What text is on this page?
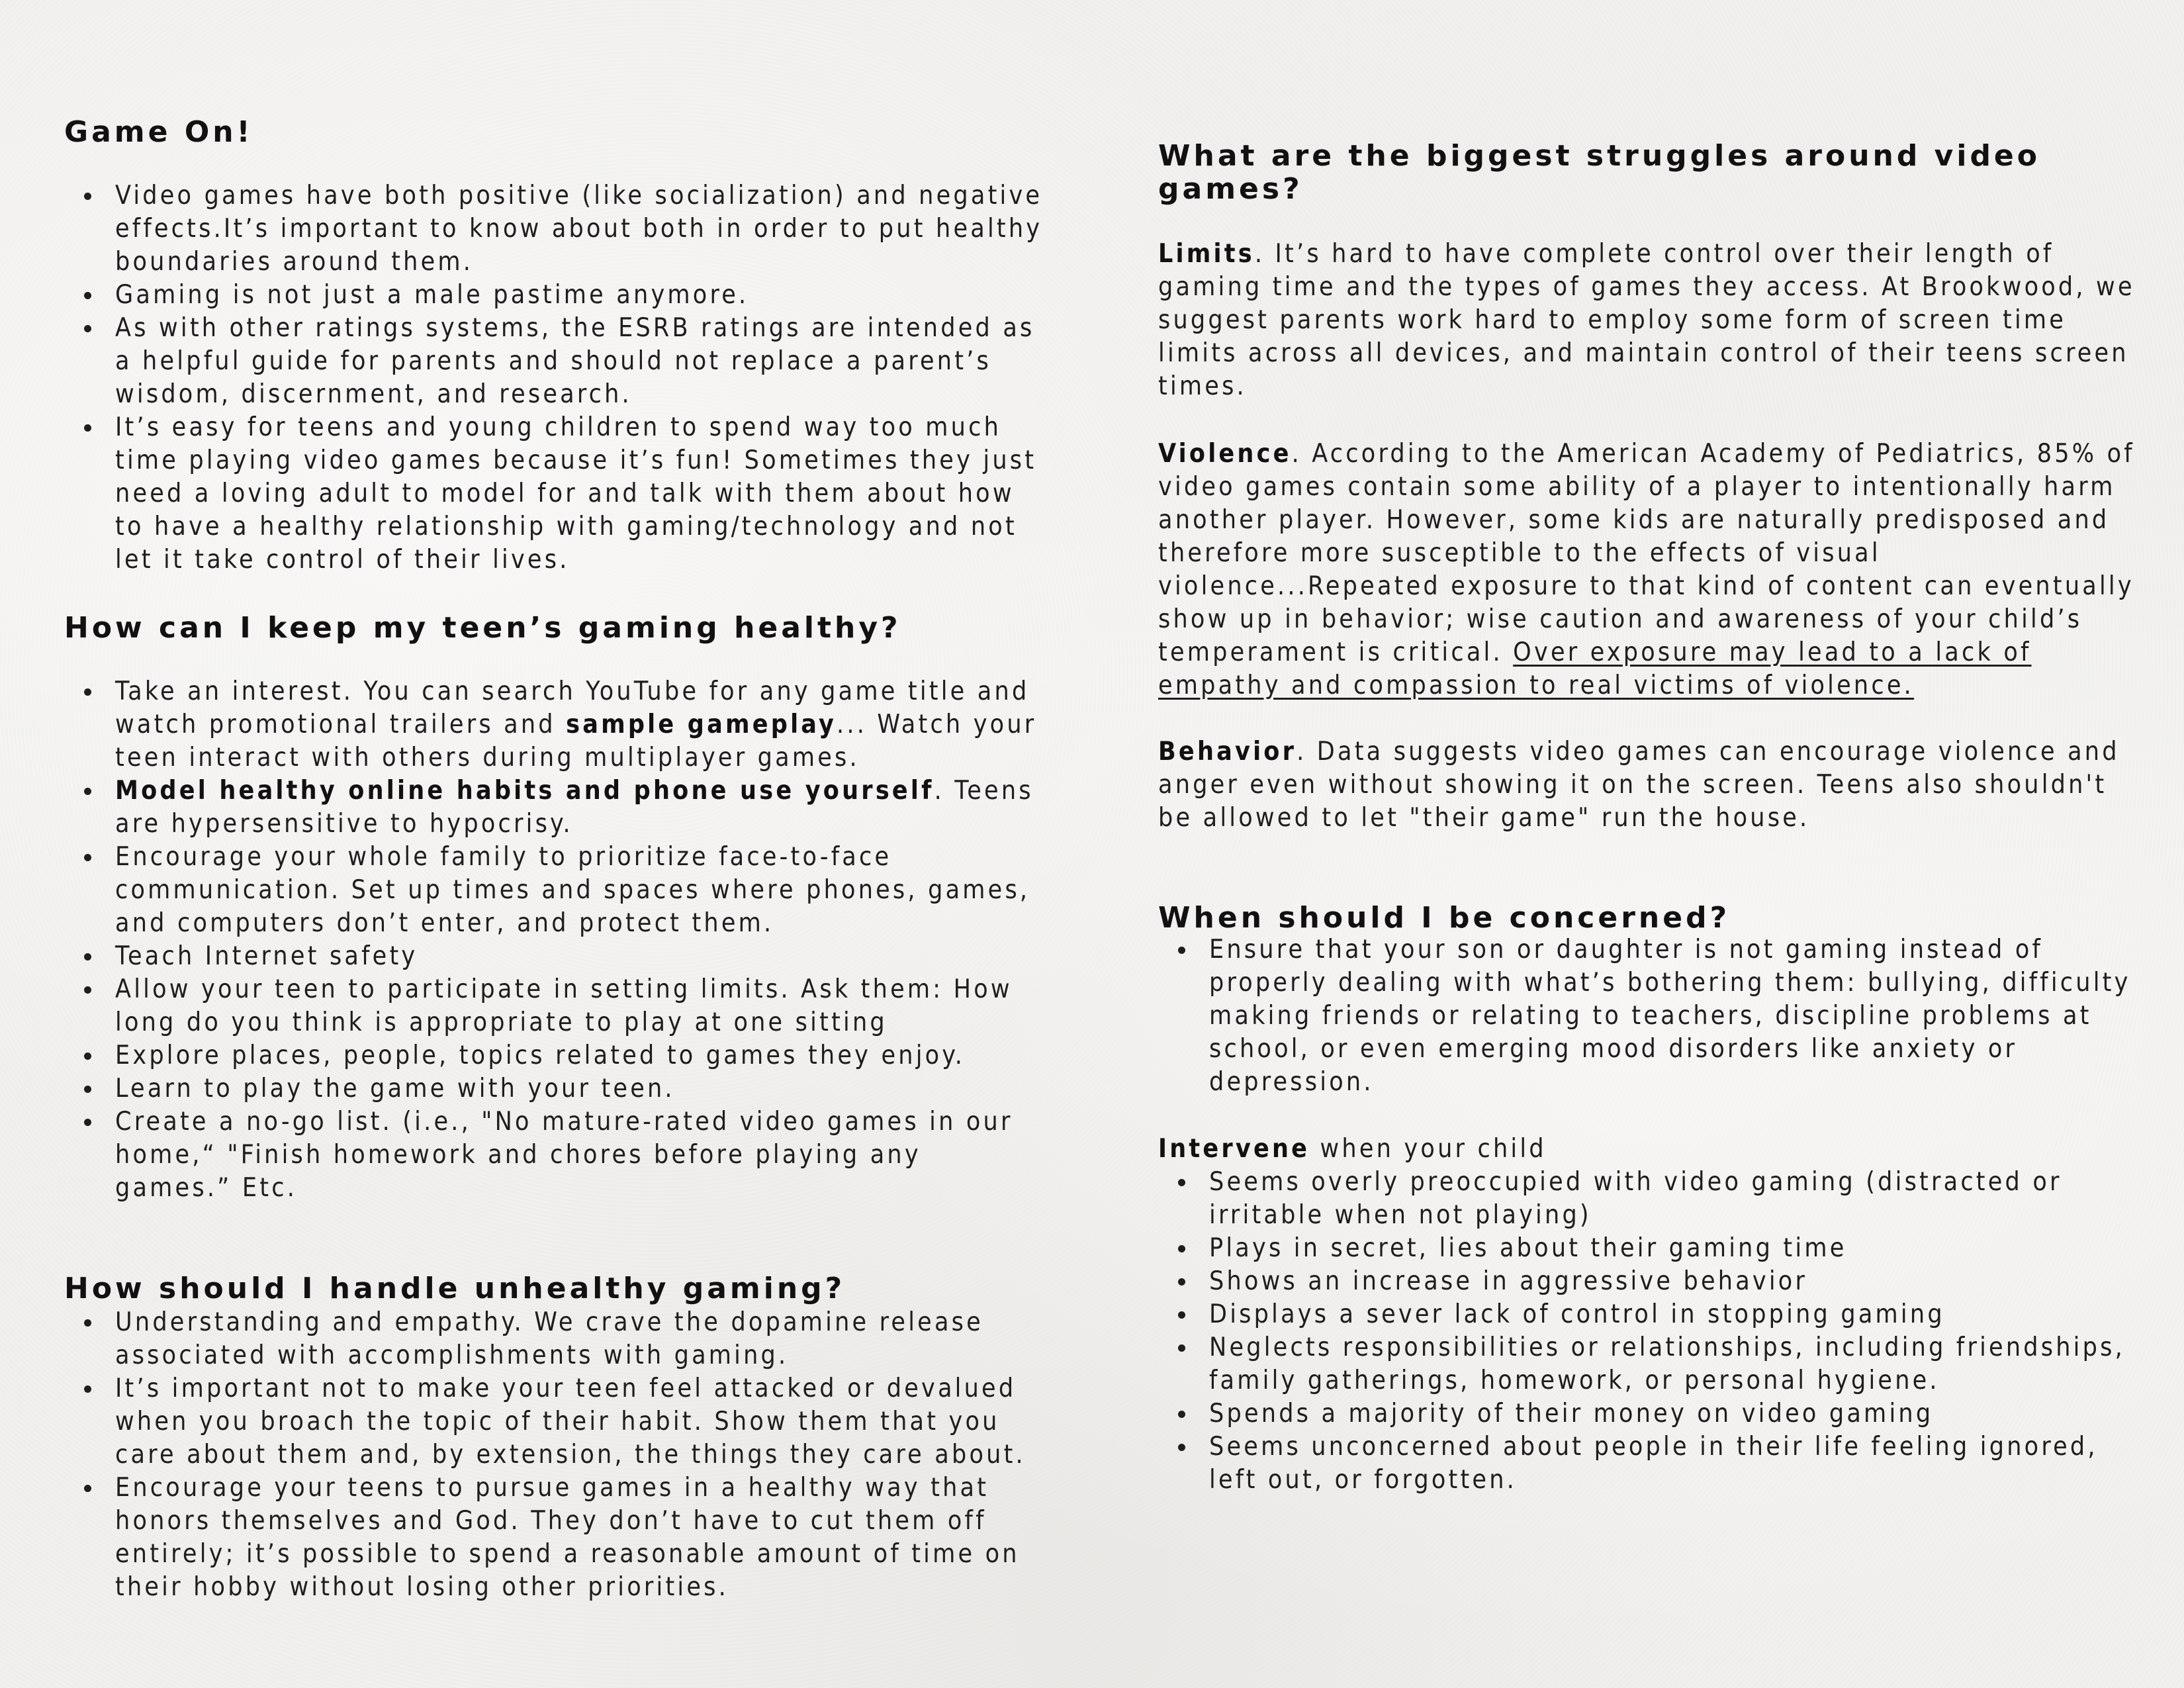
Game On!
Video games have both positive (like socialization) and negative effects.It’s important to know about both in order to put healthy boundaries around them.
Gaming is not just a male pastime anymore.
As with other ratings systems, the ESRB ratings are intended as a helpful guide for parents and should not replace a parent’s wisdom, discernment, and research.
It’s easy for teens and young children to spend way too much time playing video games because it’s fun! Sometimes they just need a loving adult to model for and talk with them about how to have a healthy relationship with gaming/technology and not let it take control of their lives.
How can I keep my teen’s gaming healthy?
Take an interest. You can search YouTube for any game title and watch promotional trailers and sample gameplay... Watch your teen interact with others during multiplayer games.
Model healthy online habits and phone use yourself. Teens are hypersensitive to hypocrisy.
Encourage your whole family to prioritize face-to-face communication. Set up times and spaces where phones, games, and computers don’t enter, and protect them.
Teach Internet safety
Allow your teen to participate in setting limits. Ask them: How long do you think is appropriate to play at one sitting
Explore places, people, topics related to games they enjoy.
Learn to play the game with your teen.
Create a no-go list. (i.e., "No mature-rated video games in our home,“ "Finish homework and chores before playing any games.” Etc.
How should I handle unhealthy gaming?
Understanding and empathy. We crave the dopamine release associated with accomplishments with gaming.
It’s important not to make your teen feel attacked or devalued when you broach the topic of their habit. Show them that you care about them and, by extension, the things they care about.
Encourage your teens to pursue games in a healthy way that honors themselves and God. They don’t have to cut them off entirely; it’s possible to spend a reasonable amount of time on their hobby without losing other priorities.
What are the biggest struggles around video games?

Limits. It’s hard to have complete control over their length of gaming time and the types of games they access. At Brookwood, we suggest parents work hard to employ some form of screen time limits across all devices, and maintain control of their teens screen times.

Violence. According to the American Academy of Pediatrics, 85% of video games contain some ability of a player to intentionally harm another player. However, some kids are naturally predisposed and therefore more susceptible to the effects of visual violence...Repeated exposure to that kind of content can eventually show up in behavior; wise caution and awareness of your child’s temperament is critical. Over exposure may lead to a lack of empathy and compassion to real victims of violence.

Behavior. Data suggests video games can encourage violence and anger even without showing it on the screen. Teens also shouldn't be allowed to let "their game" run the house.

When should I be concerned?
Ensure that your son or daughter is not gaming instead of properly dealing with what’s bothering them: bullying, difficulty making friends or relating to teachers, discipline problems at school, or even emerging mood disorders like anxiety or depression.

Intervene when your child

Seems overly preoccupied with video gaming (distracted or irritable when not playing)
Plays in secret, lies about their gaming time
Shows an increase in aggressive behavior
Displays a sever lack of control in stopping gaming
Neglects responsibilities or relationships, including friendships, family gatherings, homework, or personal hygiene.
Spends a majority of their money on video gaming
Seems unconcerned about people in their life feeling ignored, left out, or forgotten.
